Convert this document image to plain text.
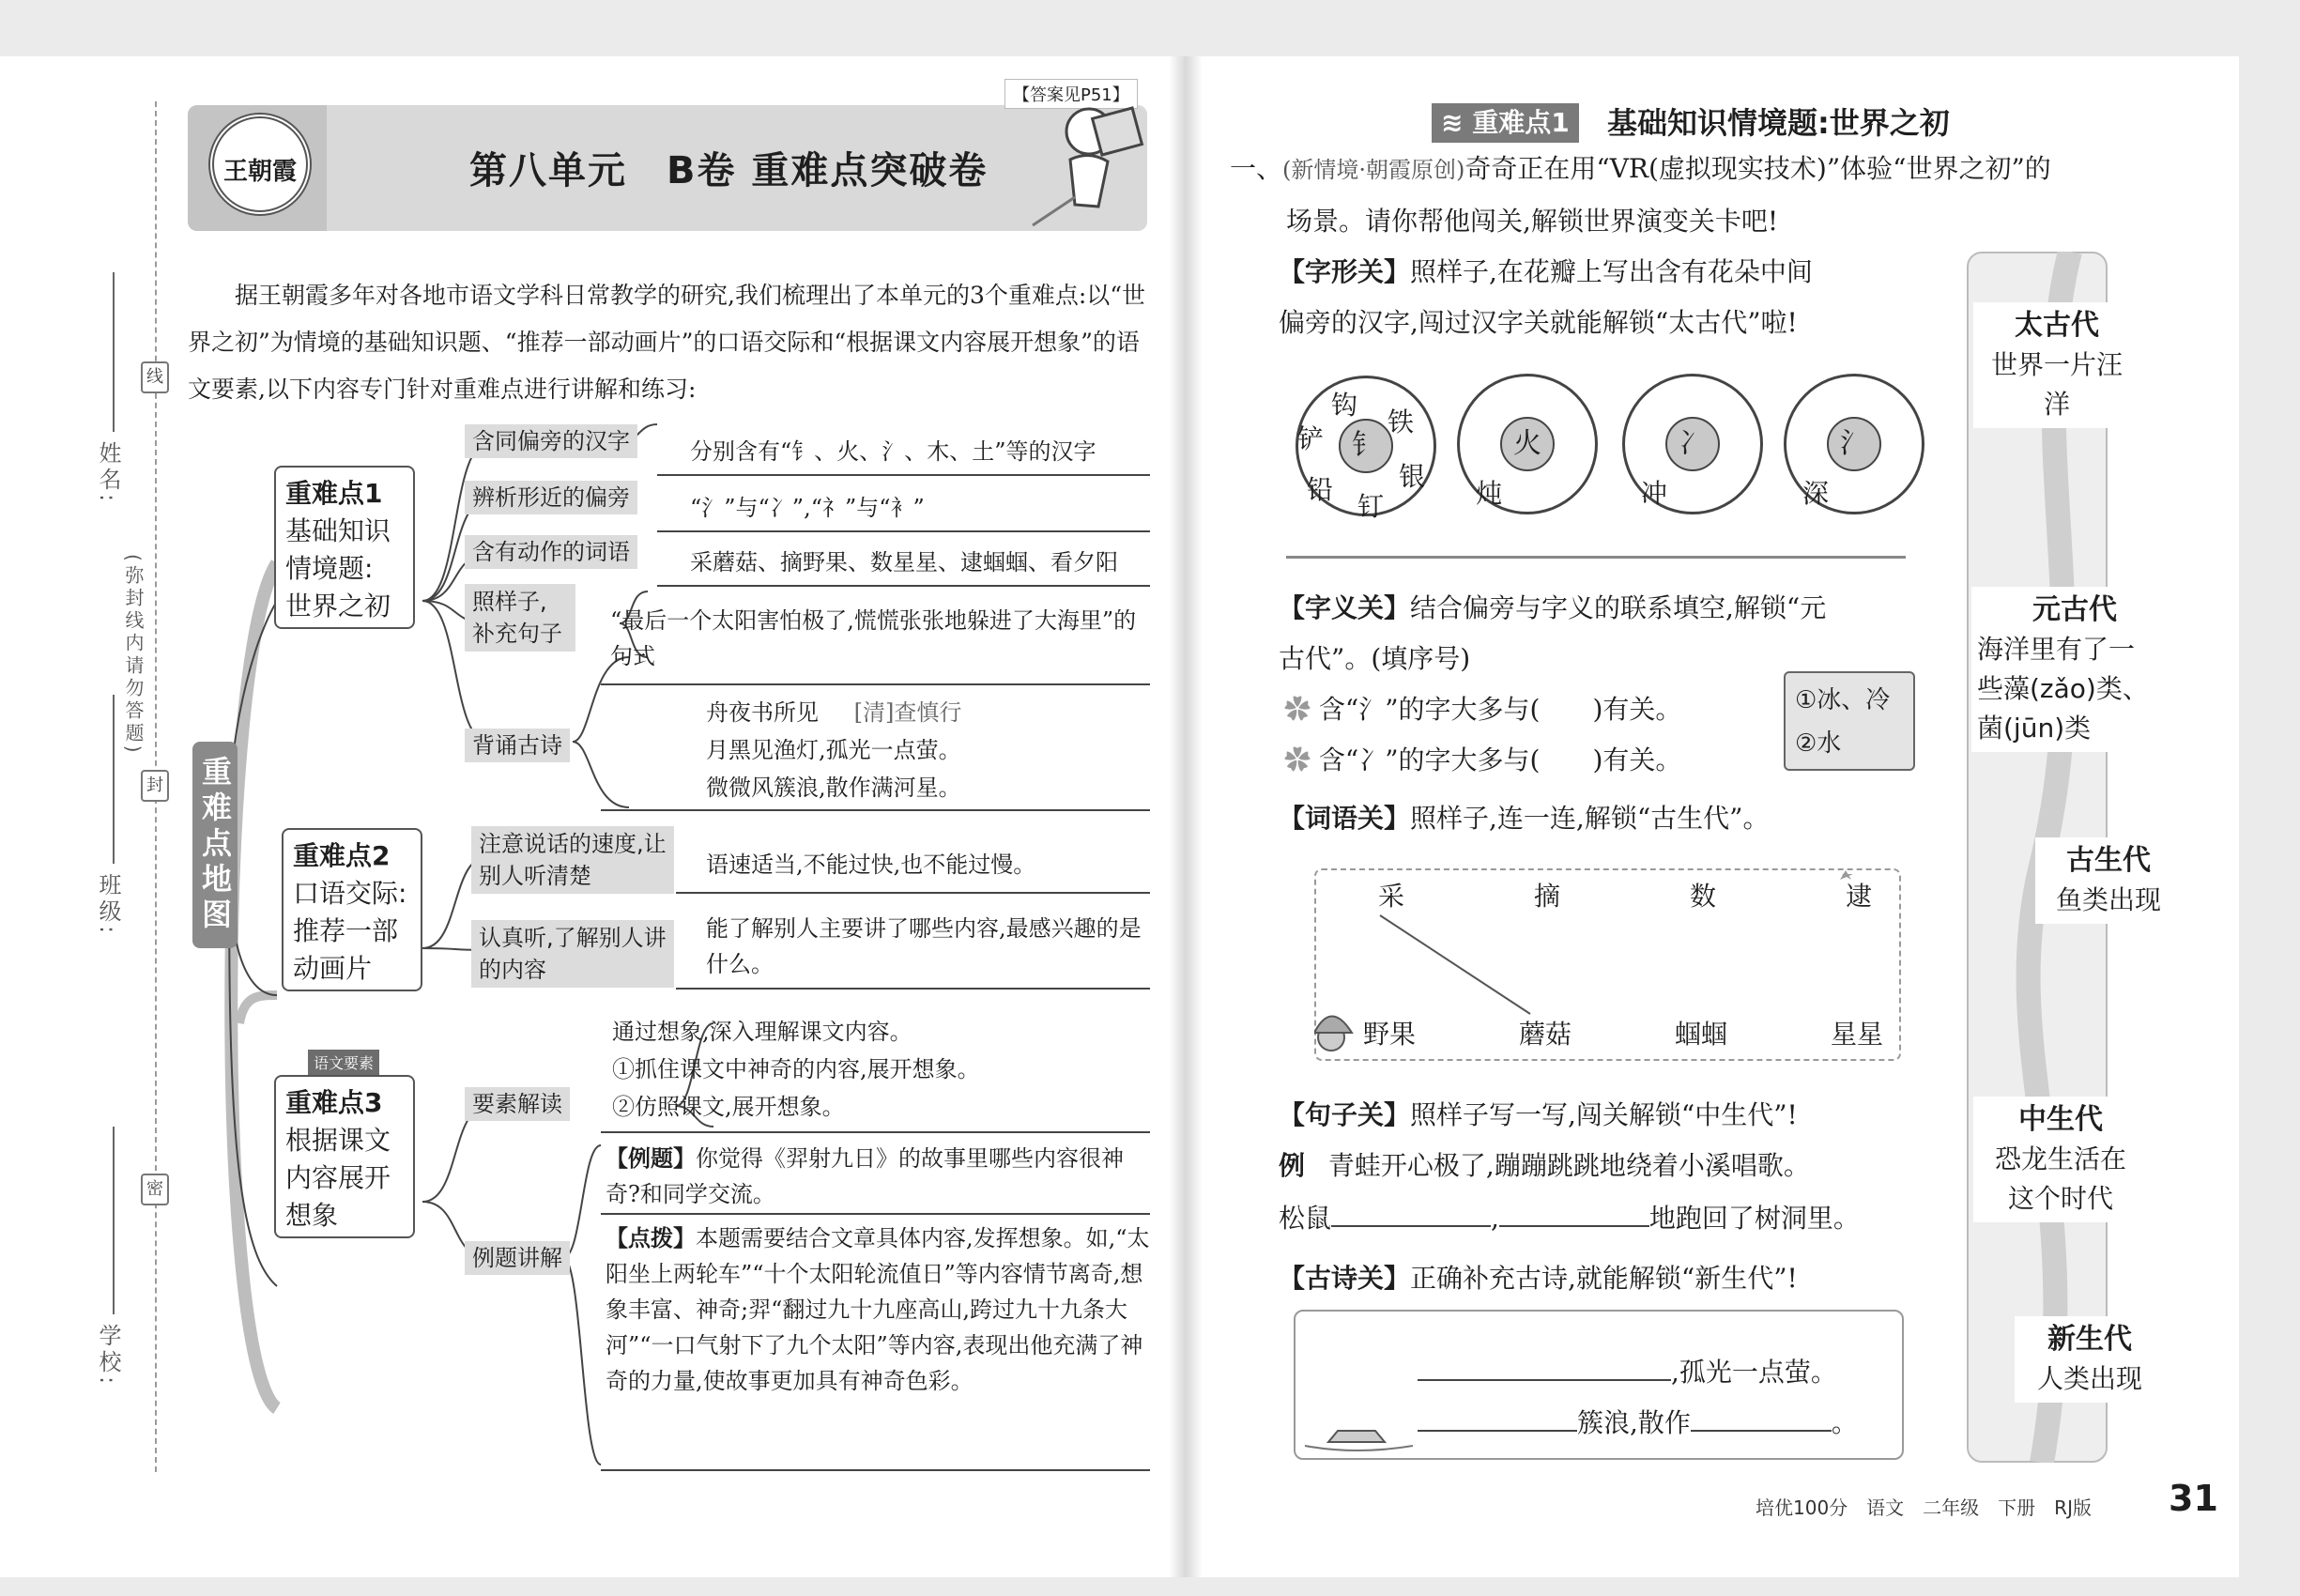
姓名:
班级:
学校:
(弥封线内请勿答题)
线
封
密
王朝霞	第八单元　B卷 重难点突破卷
【答案见P51】
据王朝霞多年对各地市语文学科日常教学的研究,我们梳理出了本单元的3个重难点:以“世界之初”为情境的基础知识题、“推荐一部动画片”的口语交际和“根据课文内容展开想象”的语文要素,以下内容专门针对重难点进行讲解和练习:
重难点地图
重难点1
基础知识
情境题:
世界之初
含同偏旁的汉字	分别含有“钅、火、氵、木、土”等的汉字
辨析形近的偏旁	“氵”与“冫”,“礻”与“衤”
含有动作的词语	采蘑菇、摘野果、数星星、逮蝈蝈、看夕阳
照样子,补充句子	“最后一个太阳害怕极了,慌慌张张地躲进了大海里”的句式
背诵古诗
舟夜书所见 [清]查慎行
月黑见渔灯,孤光一点萤。
微微风簇浪,散作满河星。
重难点2
口语交际:
推荐一部
动画片
注意说话的速度,让别人听清楚	语速适当,不能过快,也不能过慢。
认真听,了解别人讲的内容
能了解别人主要讲了哪些内容,最感兴趣的是什么。
语文要素
重难点3
根据课文
内容展开
想象
要素解读
通过想象,深入理解课文内容。
①抓住课文中神奇的内容,展开想象。
②仿照课文,展开想象。
例题讲解
【例题】你觉得《羿射九日》的故事里哪些内容很神奇?和同学交流。
【点拨】本题需要结合文章具体内容,发挥想象。如,“太阳坐上两轮车”“十个太阳轮流值日”等内容情节离奇,想象丰富、神奇;羿“翻过九十九座高山,跨过九十九条大河”“一口气射下了九个太阳”等内容,表现出他充满了神奇的力量,使故事更加具有神奇色彩。
≋ 重难点1	基础知识情境题:世界之初
一、(新情境·朝霞原创)奇奇正在用“VR(虚拟现实技术)”体验“世界之初”的
场景。请你帮他闯关,解锁世界演变关卡吧!
【字形关】照样子,在花瓣上写出含有花朵中间
偏旁的汉字,闯过汉字关就能解锁“太古代”啦!
钅
钩
铁
铲
铅
钉
银
火
炖
冫
冲
氵
深
【字义关】结合偏旁与字义的联系填空,解锁“元
古代”。(填序号)
✿ 含“氵”的字大多与(　　)有关。
✿ 含“冫”的字大多与(　　)有关。
①冰、冷
②水
【词语关】照样子,连一连,解锁“古生代”。
采	摘	数	逮
野果	蘑菇	蝈蝈	星星
【句子关】照样子写一写,闯关解锁“中生代”!
例 青蛙开心极了,蹦蹦跳跳地绕着小溪唱歌。
松鼠	,	地跑回了树洞里。
【古诗关】正确补充古诗,就能解锁“新生代”!
,孤光一点萤。
簇浪,散作	。
太古代
世界一片汪洋
元古代
海洋里有了一
些藻(zǎo)类、
菌(jūn)类
古生代
鱼类出现
中生代
恐龙生活在
这个时代
新生代
人类出现
培优100分　语文　二年级　下册　RJ版 31
